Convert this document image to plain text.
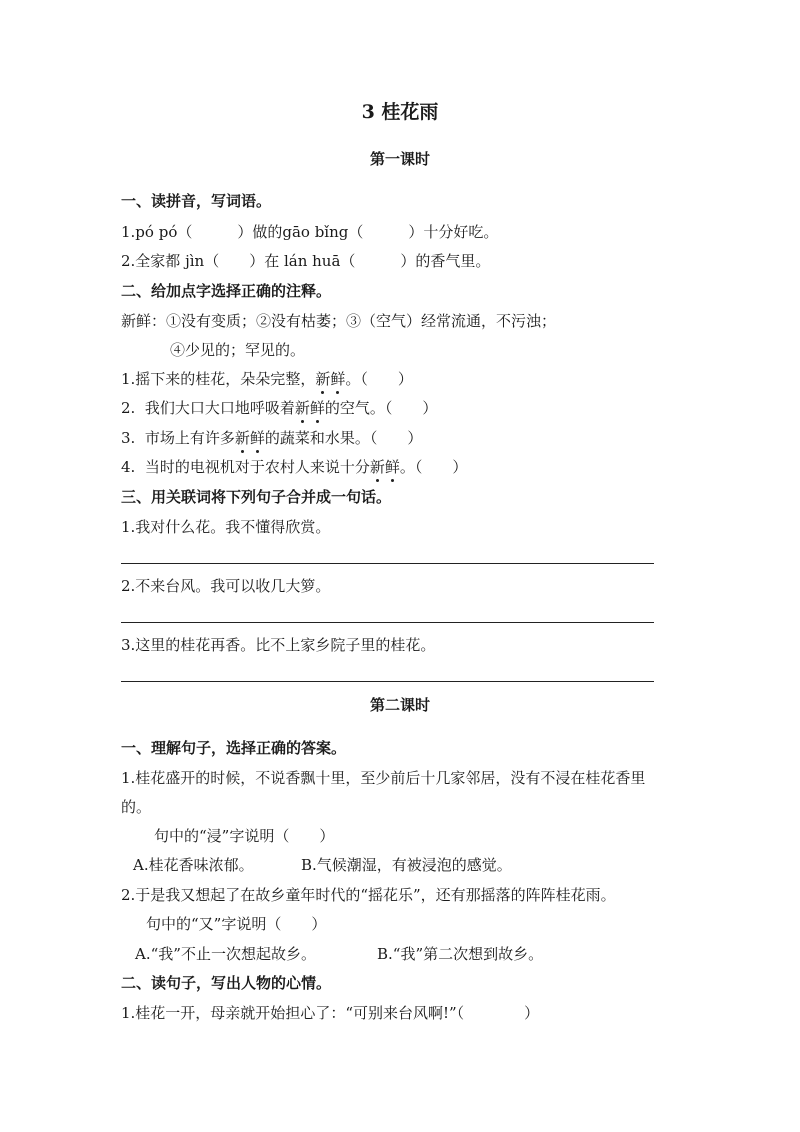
3 桂花雨
第一课时
一、读拼音，写词语。
1.pó pó（　　　）做的gāo bǐng（　　　）十分好吃。
2.全家都 jìn（　　）在 lán huā（　　　）的香气里。
二、给加点字选择正确的注释。
新鲜：①没有变质；②没有枯萎；③（空气）经常流通，不污浊；
④少见的；罕见的。
1.摇下来的桂花，朵朵完整，新鲜。（　　）
2.  我们大口大口地呼吸着新鲜的空气。（　　）
3.  市场上有许多新鲜的蔬菜和水果。（　　）
4.  当时的电视机对于农村人来说十分新鲜。（　　）
三、用关联词将下列句子合并成一句话。
1.我对什么花。我不懂得欣赏。
2.不来台风。我可以收几大箩。
3.这里的桂花再香。比不上家乡院子里的桂花。
第二课时
一、理解句子，选择正确的答案。
1.桂花盛开的时候，不说香飘十里，至少前后十几家邻居，没有不浸在桂花香里
的。
句中的“浸”字说明（　　）
A.桂花香味浓郁。	B.气候潮湿，有被浸泡的感觉。
2.于是我又想起了在故乡童年时代的“摇花乐”，还有那摇落的阵阵桂花雨。
句中的“又”字说明（　　）
A.“我”不止一次想起故乡。	B.“我”第二次想到故乡。
二、读句子，写出人物的心情。
1.桂花一开，母亲就开始担心了：“可别来台风啊!”（　　　　）
